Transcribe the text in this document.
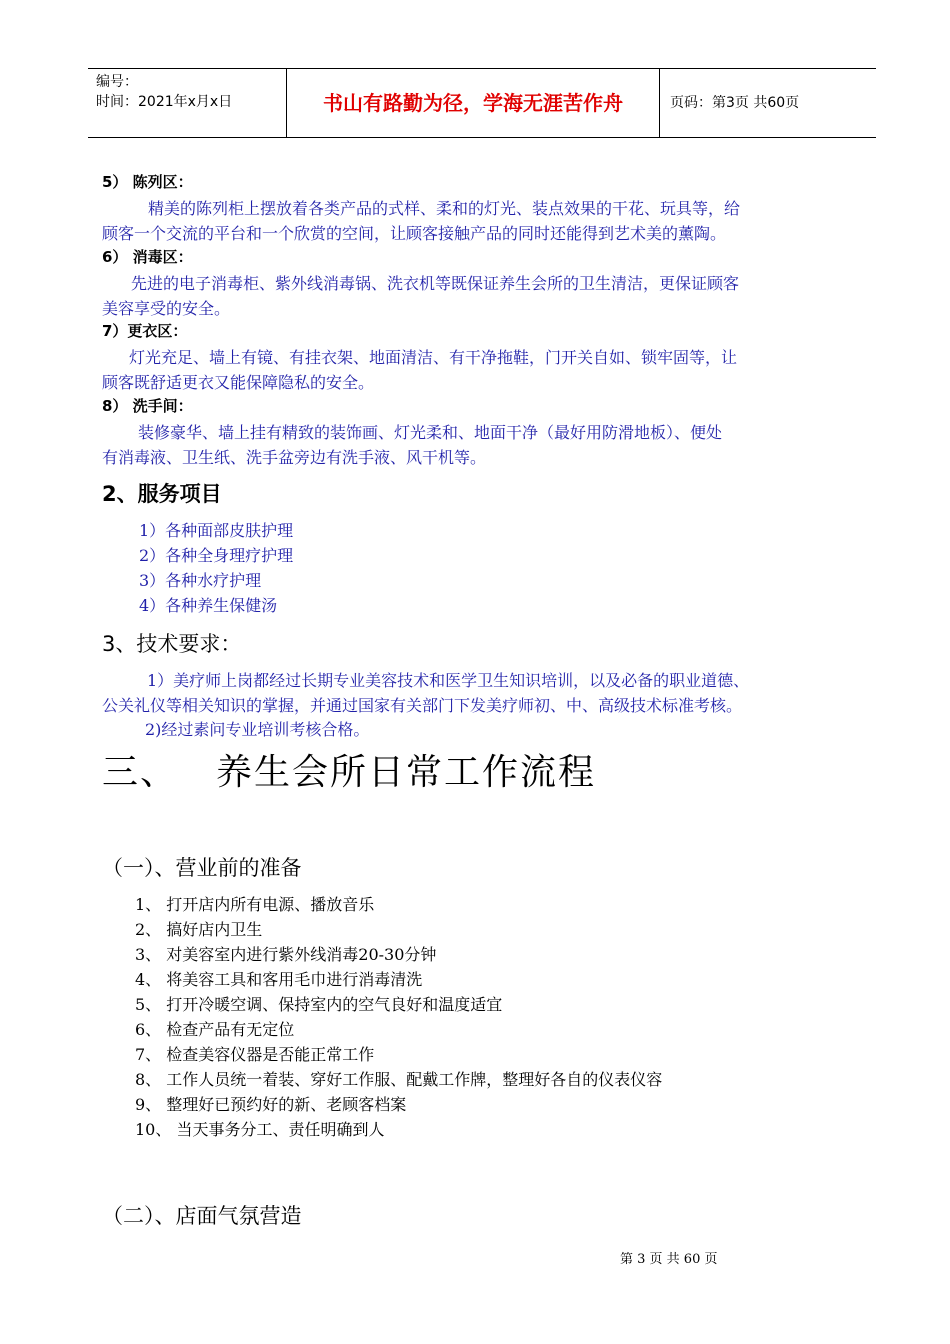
编号：
时间：2021年x月x日	书山有路勤为径，学海无涯苦作舟	页码：第3页 共60页
5） 陈列区：
精美的陈列柜上摆放着各类产品的式样、柔和的灯光、装点效果的干花、玩具等，给
顾客一个交流的平台和一个欣赏的空间，让顾客接触产品的同时还能得到艺术美的薰陶。
6） 消毒区：
先进的电子消毒柜、紫外线消毒锅、洗衣机等既保证养生会所的卫生清洁，更保证顾客
美容享受的安全。
7）更衣区：
灯光充足、墙上有镜、有挂衣架、地面清洁、有干净拖鞋，门开关自如、锁牢固等，让
顾客既舒适更衣又能保障隐私的安全。
8） 洗手间：
装修豪华、墙上挂有精致的装饰画、灯光柔和、地面干净（最好用防滑地板）、便处
有消毒液、卫生纸、洗手盆旁边有洗手液、风干机等。
2、服务项目
1）各种面部皮肤护理
2）各种全身理疗护理
3）各种水疗护理
4）各种养生保健汤
3、技术要求：
1）美疗师上岗都经过长期专业美容技术和医学卫生知识培训，以及必备的职业道德、
公关礼仪等相关知识的掌握，并通过国家有关部门下发美疗师初、中、高级技术标准考核。
2)经过素问专业培训考核合格。
三、 养生会所日常工作流程
（一）、营业前的准备
1、 打开店内所有电源、播放音乐
2、 搞好店内卫生
3、 对美容室内进行紫外线消毒20-30分钟
4、 将美容工具和客用毛巾进行消毒清洗
5、 打开冷暖空调、保持室内的空气良好和温度适宜
6、 检查产品有无定位
7、 检查美容仪器是否能正常工作
8、 工作人员统一着装、穿好工作服、配戴工作牌，整理好各自的仪表仪容
9、 整理好已预约好的新、老顾客档案
10、 当天事务分工、责任明确到人
（二）、店面气氛营造
第 3 页 共 60 页
